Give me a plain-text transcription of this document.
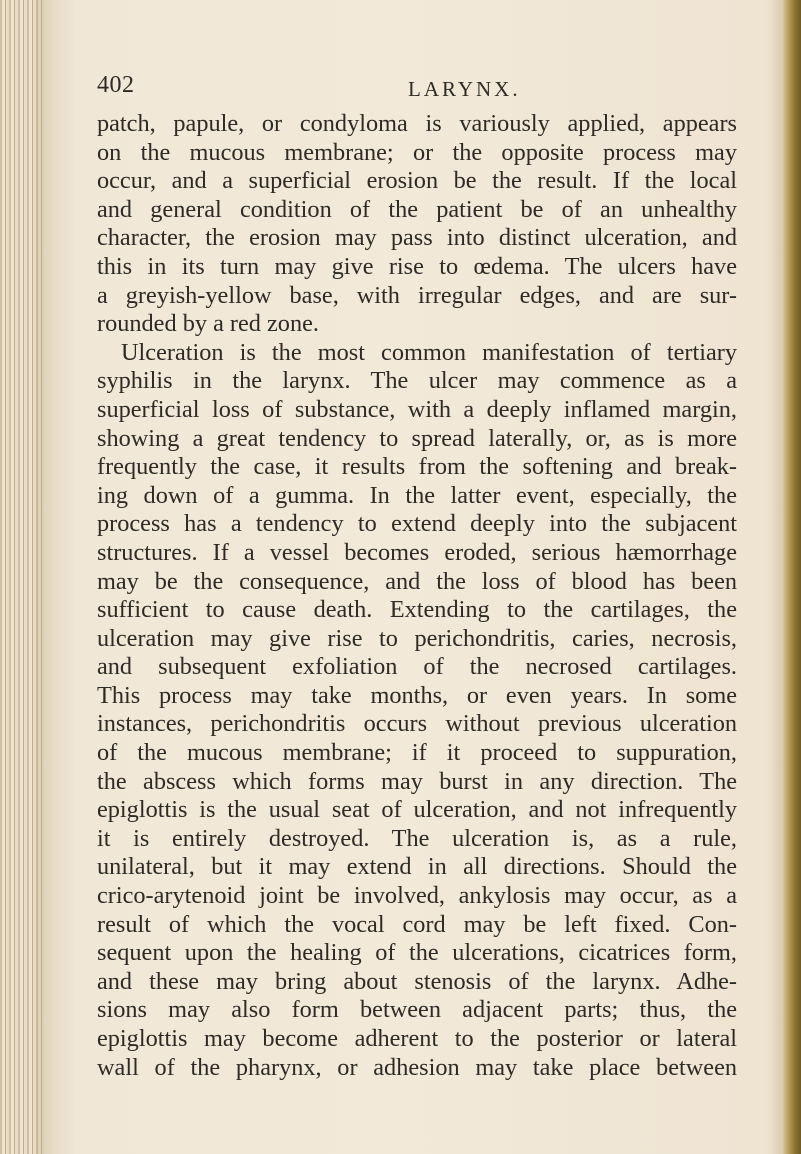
402	LARYNX.
patch, papule, or condyloma is variously applied, appears
on the mucous membrane; or the opposite process may
occur, and a superficial erosion be the result. If the local
and general condition of the patient be of an unhealthy
character, the erosion may pass into distinct ulceration, and
this in its turn may give rise to œdema. The ulcers have
a greyish-yellow base, with irregular edges, and are sur-
rounded by a red zone.
Ulceration is the most common manifestation of tertiary
syphilis in the larynx. The ulcer may commence as a
superficial loss of substance, with a deeply inflamed margin,
showing a great tendency to spread laterally, or, as is more
frequently the case, it results from the softening and break-
ing down of a gumma. In the latter event, especially, the
process has a tendency to extend deeply into the subjacent
structures. If a vessel becomes eroded, serious hæmorrhage
may be the consequence, and the loss of blood has been
sufficient to cause death. Extending to the cartilages, the
ulceration may give rise to perichondritis, caries, necrosis,
and subsequent exfoliation of the necrosed cartilages.
This process may take months, or even years. In some
instances, perichondritis occurs without previous ulceration
of the mucous membrane; if it proceed to suppuration,
the abscess which forms may burst in any direction. The
epiglottis is the usual seat of ulceration, and not infrequently
it is entirely destroyed. The ulceration is, as a rule,
unilateral, but it may extend in all directions. Should the
crico-arytenoid joint be involved, ankylosis may occur, as a
result of which the vocal cord may be left fixed. Con-
sequent upon the healing of the ulcerations, cicatrices form,
and these may bring about stenosis of the larynx. Adhe-
sions may also form between adjacent parts; thus, the
epiglottis may become adherent to the posterior or lateral
wall of the pharynx, or adhesion may take place between
